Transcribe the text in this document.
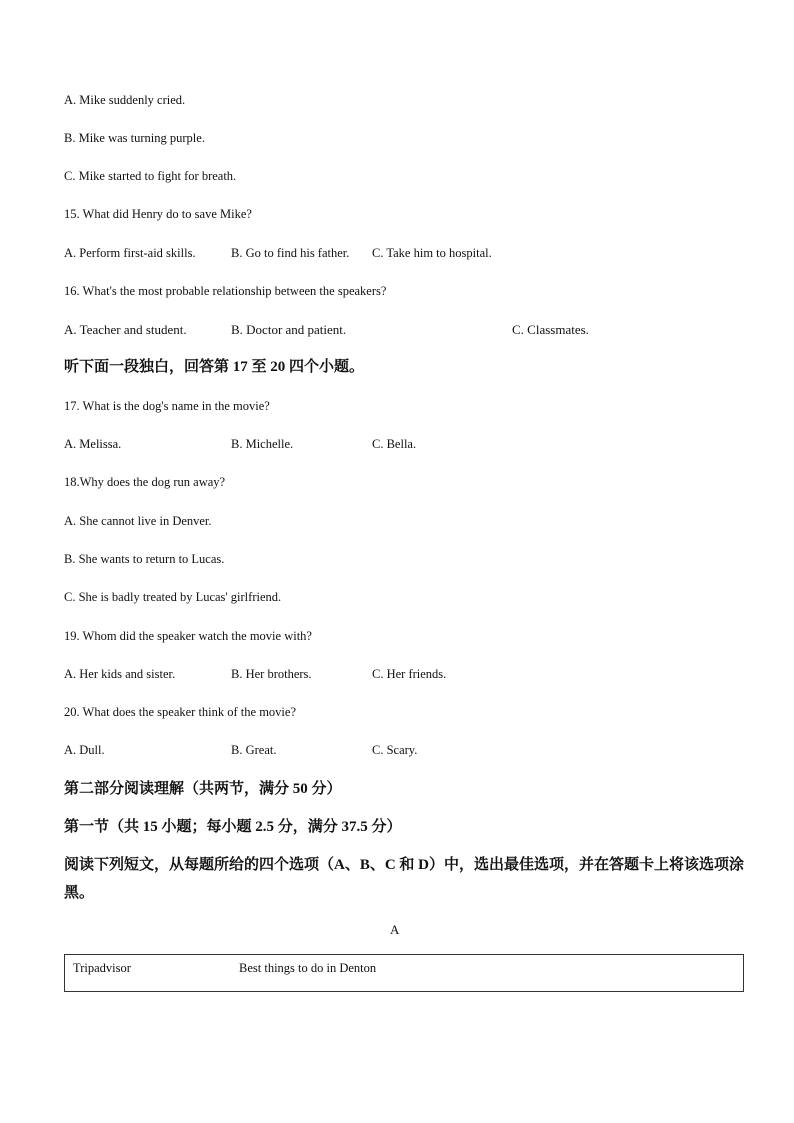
A. Mike suddenly cried.
B. Mike was turning purple.
C. Mike started to fight for breath.
15. What did Henry do to save Mike?
A. Perform first-aid skills.	B. Go to find his father. C. Take him to hospital.
16. What's the most probable relationship between the speakers?
A. Teacher and student.	B. Doctor and patient.	C. Classmates.
听下面一段独白，回答第 17 至 20 四个小题。
17. What is the dog's name in the movie?
A. Melissa.	B. Michelle.	C. Bella.
18.Why does the dog run away?
A. She cannot live in Denver.
B. She wants to return to Lucas.
C. She is badly treated by Lucas' girlfriend.
19. Whom did the speaker watch the movie with?
A. Her kids and sister.	B. Her brothers.	C. Her friends.
20. What does the speaker think of the movie?
A. Dull.	B. Great.	C. Scary.
第二部分阅读理解（共两节，满分 50 分）
第一节（共 15 小题；每小题 2.5 分，满分 37.5 分）
阅读下列短文，从每题所给的四个选项（A、B、C 和 D）中，选出最佳选项，并在答题卡上将该选项涂黑。
A
Tripadvisor	Best things to do in Denton
